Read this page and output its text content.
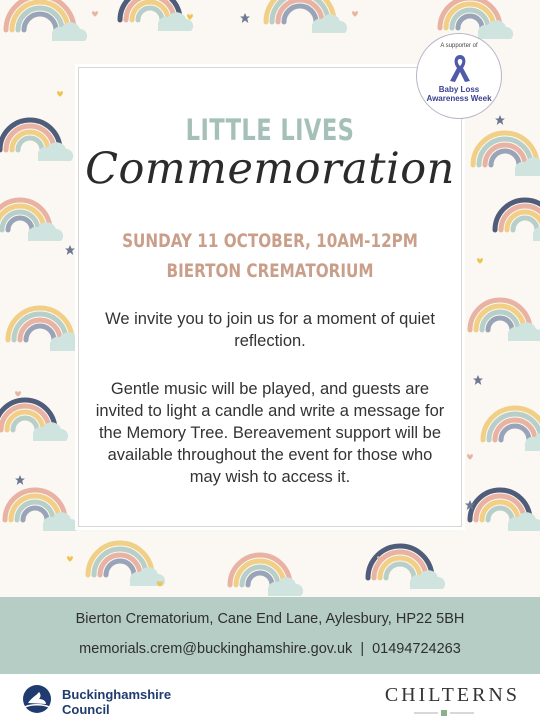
LITTLE LIVES
Commemoration
SUNDAY 11 OCTOBER, 10AM-12PM
BIERTON CREMATORIUM
We invite you to join us for a moment of quiet reflection.
Gentle music will be played, and guests are invited to light a candle and write a message for the Memory Tree. Bereavement support will be available throughout the event for those who may wish to access it.
A supporter of
Baby Loss Awareness Week
Bierton Crematorium, Cane End Lane, Aylesbury, HP22 5BH
memorials.crem@buckinghamshire.gov.uk | 01494724263
Buckinghamshire
Council
CHILTERNS
